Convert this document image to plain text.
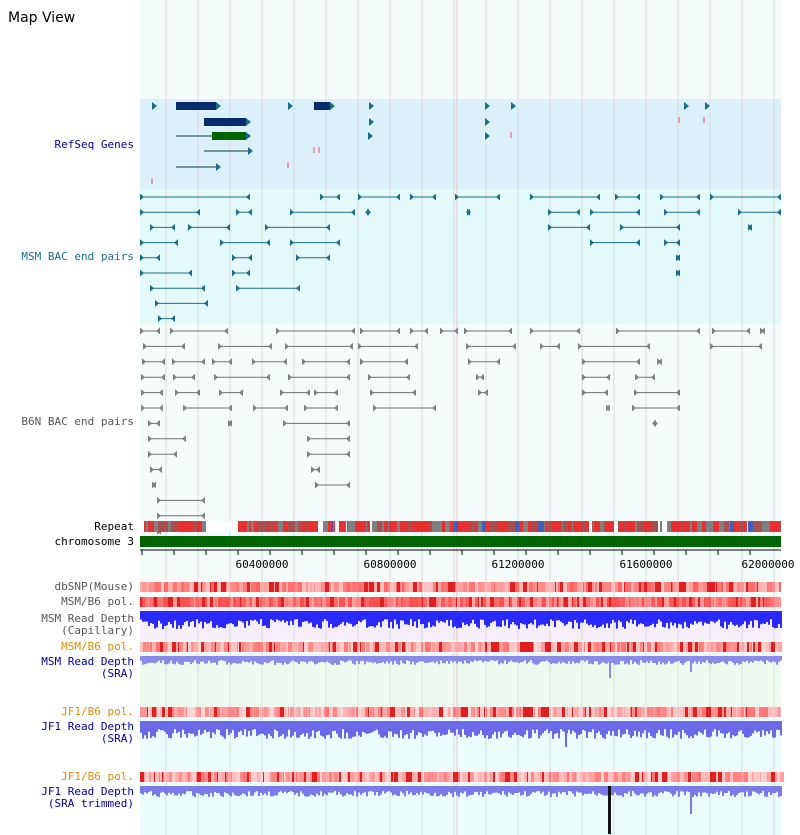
Map View
RefSeq Genes
MSM BAC end pairs
B6N BAC end pairs
Repeat
chromosome 3
dbSNP(Mouse)
MSM/B6 pol.
MSM Read Depth
(Capillary)
MSM/B6 pol.
MSM Read Depth
(SRA)
JF1/B6 pol.
JF1 Read Depth
(SRA)
JF1/B6 pol.
JF1 Read Depth
(SRA trimmed)
60400000	60800000	61200000	61600000	62000000
